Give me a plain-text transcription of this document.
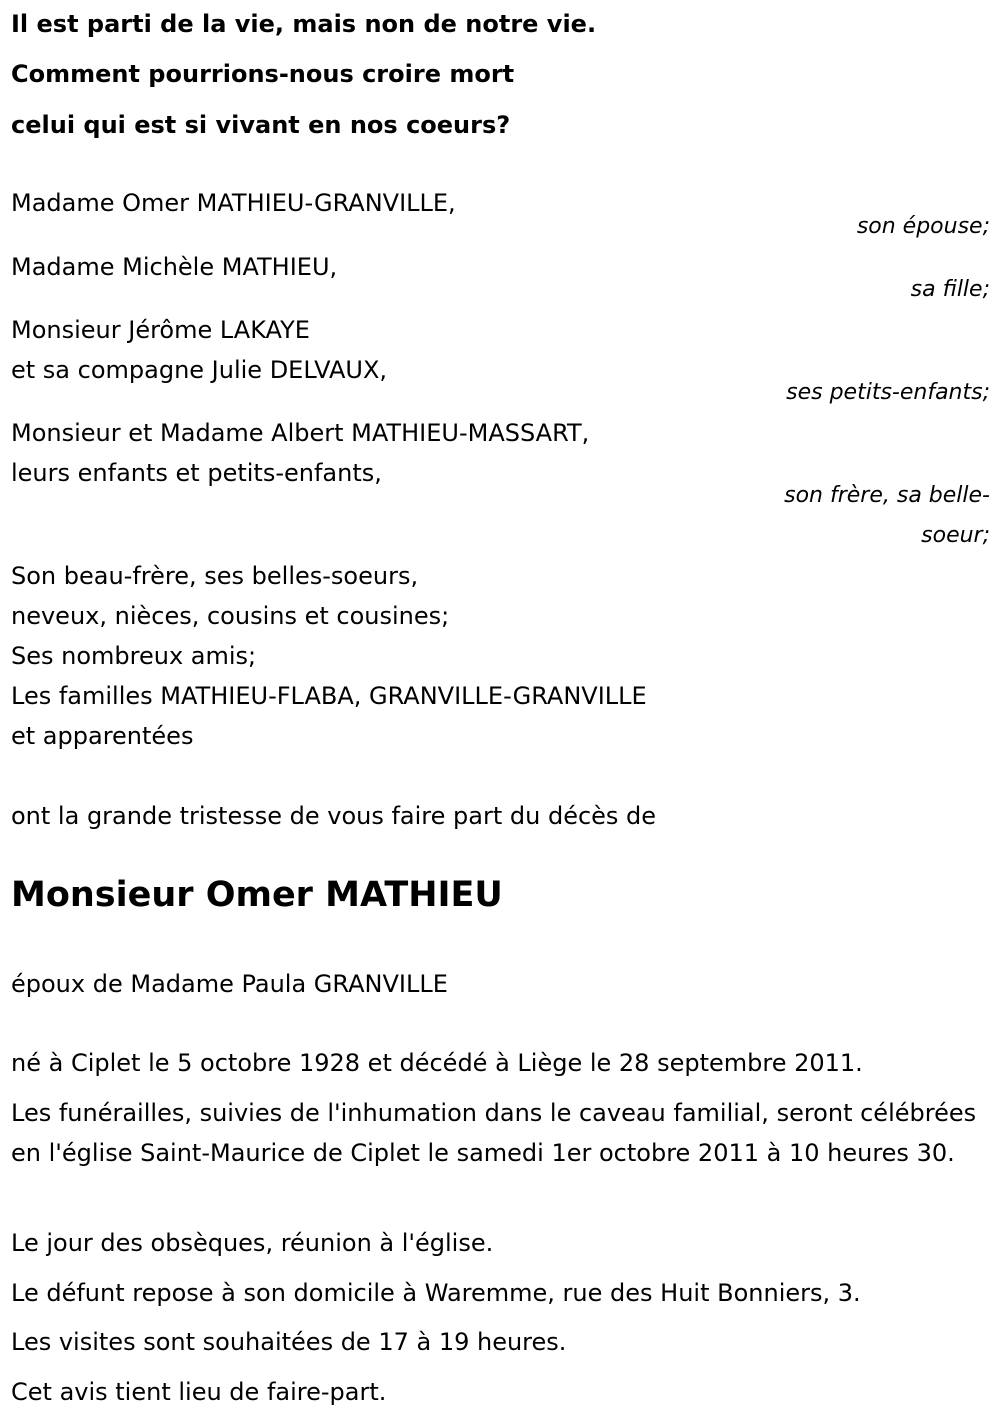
Il est parti de la vie, mais non de notre vie.
Comment pourrions-nous croire mort
celui qui est si vivant en nos coeurs?
Madame Omer MATHIEU-GRANVILLE,
son épouse;
Madame Michèle MATHIEU,
sa fille;
Monsieur Jérôme LAKAYE
et sa compagne Julie DELVAUX,
ses petits-enfants;
Monsieur et Madame Albert MATHIEU-MASSART,
leurs enfants et petits-enfants,
son frère, sa belle-
soeur;
Son beau-frère, ses belles-soeurs,
neveux, nièces, cousins et cousines;
Ses nombreux amis;
Les familles MATHIEU-FLABA, GRANVILLE-GRANVILLE
et apparentées
ont la grande tristesse de vous faire part du décès de
Monsieur Omer MATHIEU
époux de Madame Paula GRANVILLE
né à Ciplet le 5 octobre 1928 et décédé à Liège le 28 septembre 2011.
Les funérailles, suivies de l'inhumation dans le caveau familial, seront célébrées en l'église Saint-Maurice de Ciplet le samedi 1er octobre 2011 à 10 heures 30.
Le jour des obsèques, réunion à l'église.
Le défunt repose à son domicile à Waremme, rue des Huit Bonniers, 3.
Les visites sont souhaitées de 17 à 19 heures.
Cet avis tient lieu de faire-part.
